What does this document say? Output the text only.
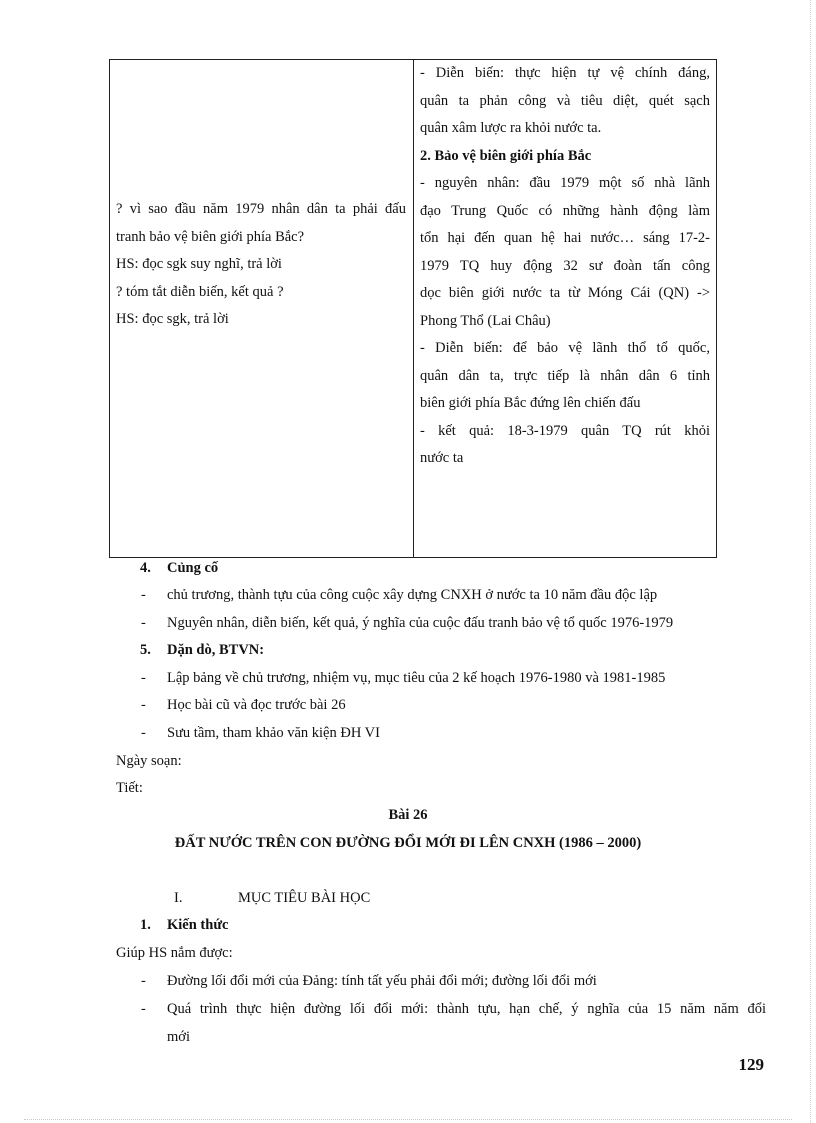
? vì sao đầu năm 1979 nhân dân ta phải đấu
tranh bảo vệ biên giới phía Bắc?
HS: đọc sgk suy nghĩ, trả lời
? tóm tắt diễn biến, kết quả ?
HS: đọc sgk, trả lời
- Diễn biến: thực hiện tự vệ chính đáng,
quân ta phản công và tiêu diệt, quét sạch
quân xâm lược ra khỏi nước ta.
2. Bảo vệ biên giới phía Bắc
- nguyên nhân: đầu 1979 một số nhà lãnh
đạo Trung Quốc có những hành động làm
tổn hại đến quan hệ hai nước… sáng 17-2-
1979 TQ huy động 32 sư đoàn tấn công
dọc biên giới nước ta từ Móng Cái (QN) ->
Phong Thổ (Lai Châu)
- Diễn biến: để bảo vệ lãnh thổ tổ quốc,
quân dân ta, trực tiếp là nhân dân 6 tỉnh
biên giới phía Bắc đứng lên chiến đấu
- kết quả: 18-3-1979 quân TQ rút khỏi
nước ta
4. Củng cố
- chủ trương, thành tựu của công cuộc xây dựng CNXH ở nước ta 10 năm đầu độc lập
- Nguyên nhân, diễn biến, kết quả, ý nghĩa của cuộc đấu tranh bảo vệ tổ quốc 1976-1979
5. Dặn dò, BTVN:
- Lập bảng về chủ trương, nhiệm vụ, mục tiêu của 2 kế hoạch 1976-1980 và 1981-1985
- Học bài cũ và đọc trước bài 26
- Sưu tầm, tham khảo văn kiện ĐH VI
Ngày soạn:
Tiết:
Bài 26
ĐẤT NƯỚC TRÊN CON ĐƯỜNG ĐỔI MỚI ĐI LÊN CNXH (1986 – 2000)
I.	MỤC TIÊU BÀI HỌC
1. Kiến thức
Giúp HS nắm được:
- Đường lối đổi mới của Đảng: tính tất yếu phải đổi mới; đường lối đổi mới
- Quá trình thực hiện đường lối đổi mới: thành tựu, hạn chế, ý nghĩa của 15 năm năm đổi
mới
129
